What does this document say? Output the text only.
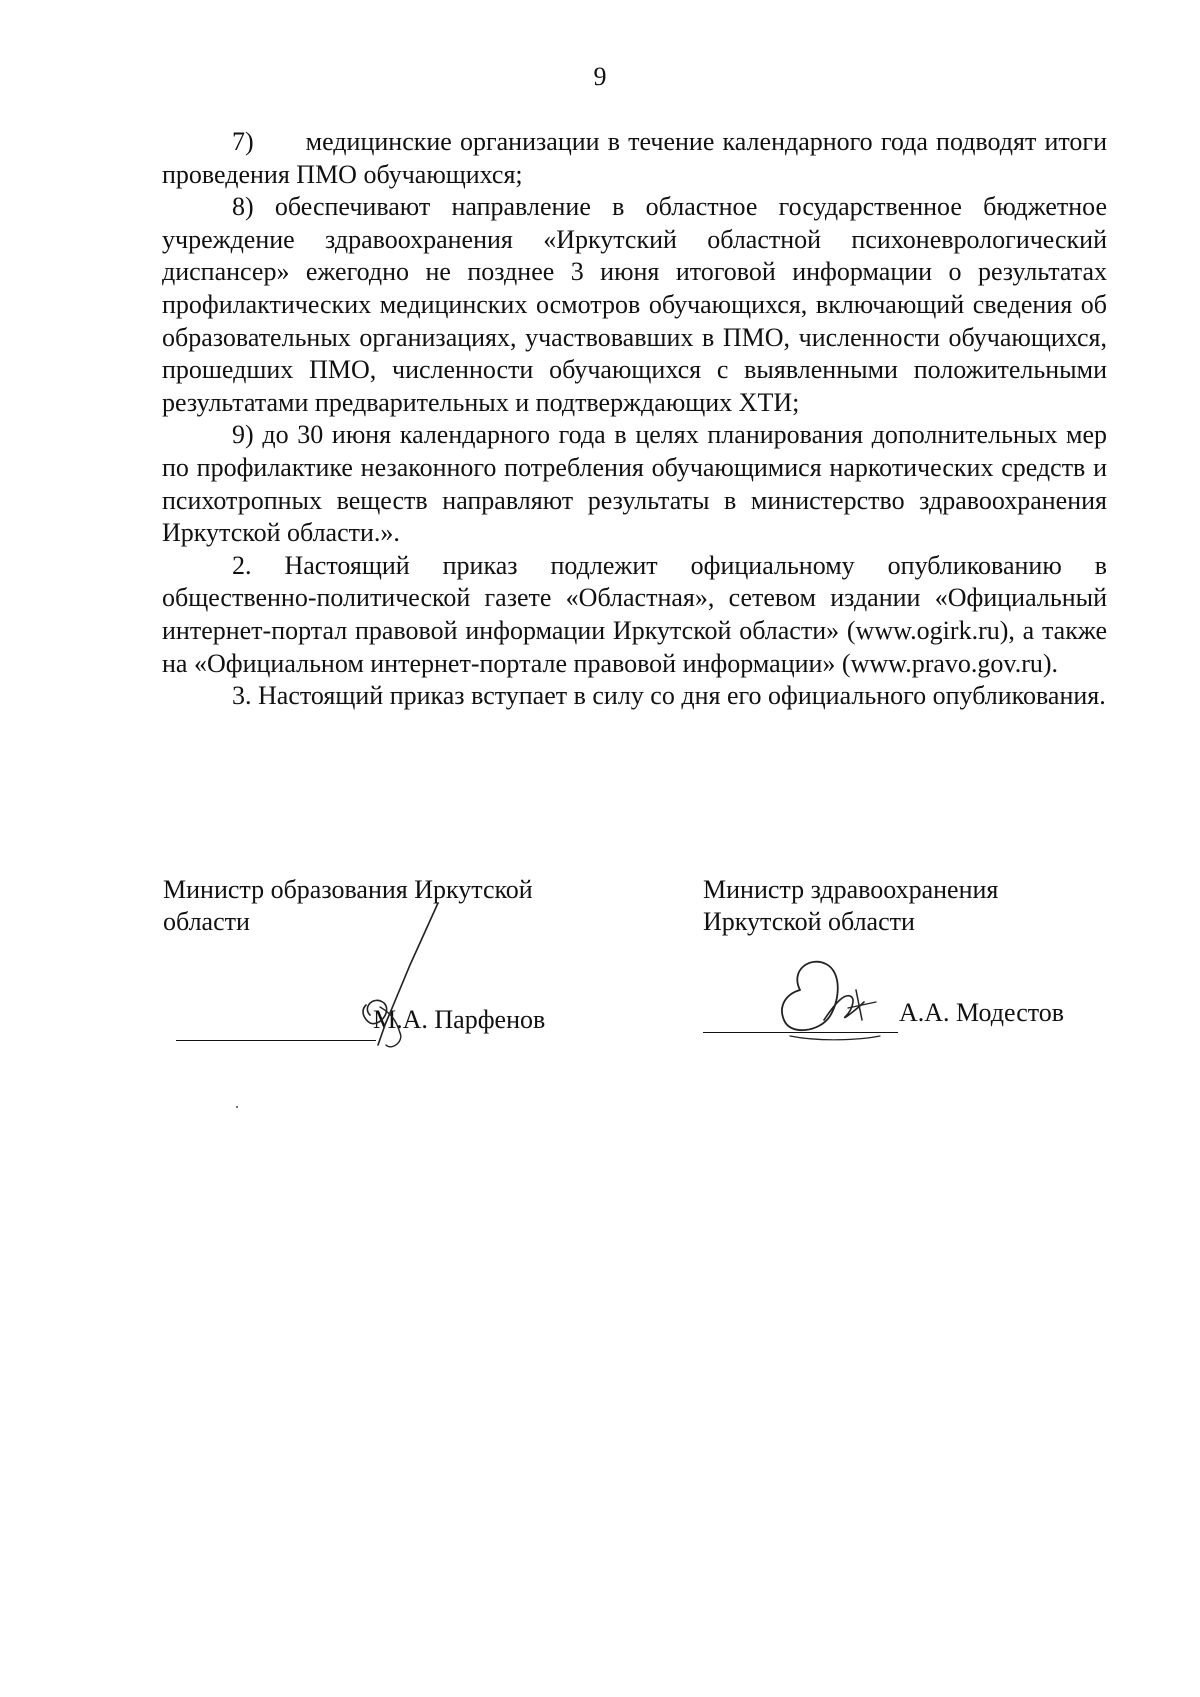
9

7)  медицинские организации в течение календарного года подводят итоги проведения ПМО обучающихся;

8) обеспечивают направление в областное государственное бюджетное учреждение здравоохранения «Иркутский областной психоневрологический диспансер» ежегодно не позднее 3 июня итоговой информации о результатах профилактических медицинских осмотров обучающихся, включающий сведения об образовательных организациях, участвовавших в ПМО, численности обучающихся, прошедших ПМО, численности обучающихся с выявленными положительными результатами предварительных и подтверждающих ХТИ;

9) до 30 июня календарного года в целях планирования дополнительных мер по профилактике незаконного потребления обучающимися наркотических средств и психотропных веществ направляют результаты в министерство здравоохранения Иркутской области.».

2. Настоящий приказ подлежит официальному опубликованию в общественно-политической газете «Областная», сетевом издании «Официальный интернет-портал правовой информации Иркутской области» (www.ogirk.ru), а также на «Официальном интернет-портале правовой информации» (www.pravo.gov.ru).

3. Настоящий приказ вступает в силу со дня его официального опубликования.

Министр образования Иркутской
области
Министр здравоохранения
Иркутской области
М.А. Парфенов	А.А. Модестов
